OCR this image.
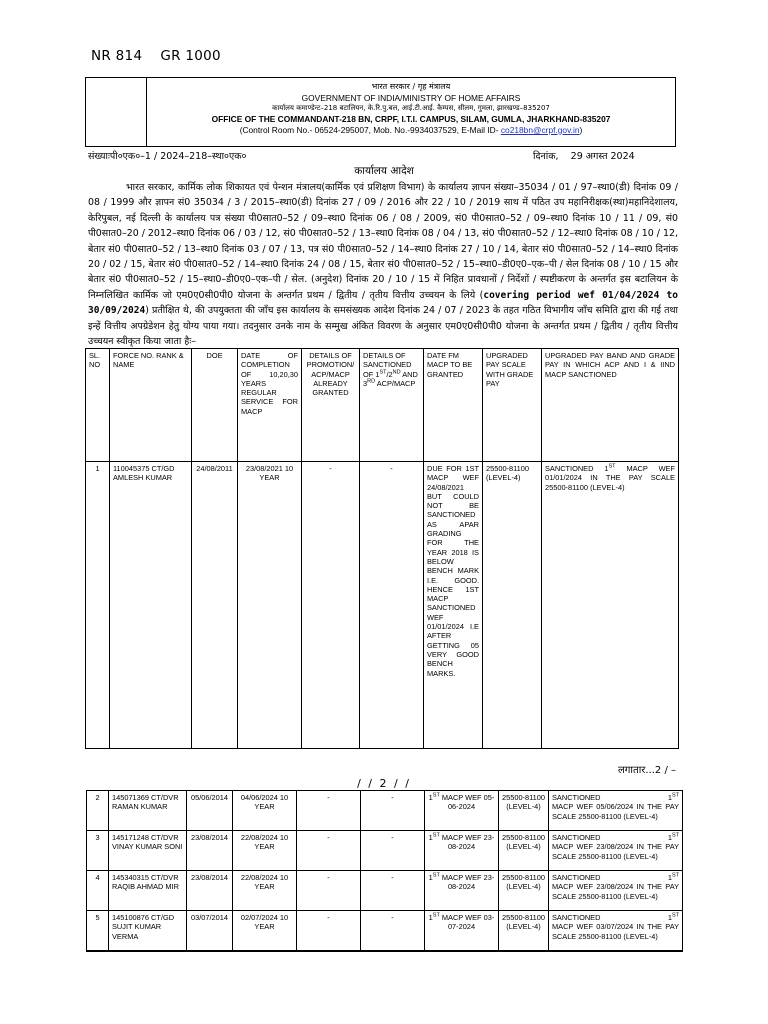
NR 814 GR 1000

भारत सरकार / गृह मंत्रालय
GOVERNMENT OF INDIA/MINISTRY OF HOME AFFAIRS
कार्यालय कमाण्डेन्ट–218 बटालियन, के.रि.पु.बल, आई.टी.आई. कैम्पस, सीलम, गुमला, झारखण्ड–835207
OFFICE OF THE COMMANDANT-218 BN, CRPF, I.T.I. CAMPUS, SILAM, GUMLA, JHARKHAND-835207
(Control Room No.- 06524-295007, Mob. No.-9934037529, E-Mail ID- co218bn@crpf.gov.in)
संख्याःपी०एक०–1 / 2024–218–स्था०एक०	दिनांक, 29 अगस्त 2024
कार्यालय आदेश
भारत सरकार, कार्मिक लोक शिकायत एवं पेन्शन मंत्रालय(कार्मिक एवं प्रशिक्षण विभाग) के कार्यालय ज्ञापन संख्या–35034 / 01 / 97–स्था0(डी) दिनांक 09 / 08 / 1999 और ज्ञापन सं0 35034 / 3 / 2015–स्था0(डी) दिनांक 27 / 09 / 2016 और 22 / 10 / 2019 साथ में पठित उप महानिरीक्षक(स्था)महानिदेशालय, केरिपुबल, नई दिल्ली के कार्यालय पत्र संख्या पी0सात0–52 / 09–स्था0 दिनांक 06 / 08 / 2009, सं0 पी0सात0–52 / 09–स्था0 दिनांक 10 / 11 / 09, सं0 पी0सात0–20 / 2012–स्था0 दिनांक 06 / 03 / 12, सं0 पी0सात0–52 / 13–स्था0 दिनांक 08 / 04 / 13, सं0 पी0सात0–52 / 12–स्था0 दिनांक 08 / 10 / 12, बेतार सं0 पी0सात0–52 / 13–स्था0 दिनांक 03 / 07 / 13, पत्र सं0 पी0सात0–52 / 14–स्था0 दिनांक 27 / 10 / 14, बेतार सं0 पी0सात0–52 / 14–स्था0 दिनांक 20 / 02 / 15, बेतार सं0 पी0सात0–52 / 14–स्था0 दिनांक 24 / 08 / 15, बेतार सं0 पी0सात0–52 / 15–स्था0–डी0ए0–एक–पी / सेल दिनांक 08 / 10 / 15 और बेतार सं0 पी0सात0–52 / 15–स्था0–डी0ए0–एक–पी / सेल. (अनुदेश) दिनांक 20 / 10 / 15 में निहित प्रावधानों / निर्देशों / स्पष्टीकरण के अन्तर्गत इस बटालियन के निम्नलिखित कार्मिक जो एम0ए0सी0पी0 योजना के अन्तर्गत प्रथम / द्वितीय / तृतीय वित्तीय उच्चयन के लिये (covering period wef 01/04/2024 to 30/09/2024) प्रतीक्षित थे, की उपयुक्तता की जाँच इस कार्यालय के समसंख्यक आदेश दिनांक 24 / 07 / 2023 के तहत गठित विभागीय जाँच समिति द्वारा की गई तथा इन्हें वित्तीय अपग्रेडेशन हेतु योग्य पाया गया। तदनुसार उनके नाम के सम्मुख अंकित विवरण के अनुसार एम0ए0सी0पी0 योजना के अन्तर्गत प्रथम / द्वितीय / तृतीय वित्तीय उच्चयन स्वीकृत किया जाता हैः–
SL. NO	FORCE NO. RANK & NAME	DOE	DATE OF COMPLETION OF 10,20,30 YEARS REGULAR SERVICE FOR MACP	DETAILS OF PROMOTION/ ACP/MACP ALREADY GRANTED	DETAILS OF SANCTIONED OF 1ST/2ND AND 3RD ACP/MACP	DATE FM MACP TO BE GRANTED	UPGRADED PAY SCALE WITH GRADE PAY	UPGRADED PAY BAND AND GRADE PAY IN WHICH ACP AND I & IIND MACP SANCTIONED
1	110045375 CT/GD AMLESH KUMAR	24/08/2011	23/08/2021 10 YEAR	-	-	DUE FOR 1ST MACP WEF 24/08/2021 BUT COULD NOT BE SANCTIONED AS APAR GRADING FOR THE YEAR 2018 IS BELOW BENCH MARK I.E. GOOD. HENCE 1ST MACP SANCTIONED WEF 01/01/2024 I.E AFTER GETTING 05 VERY GOOD BENCH MARKS.	25500-81100 (LEVEL-4)	SANCTIONED 1ST MACP WEF 01/01/2024 IN THE PAY SCALE 25500-81100 (LEVEL-4)
लगातार...2 / –
/ / 2 / /
2	145071369 CT/DVR RAMAN KUMAR	05/06/2014	04/06/2024 10 YEAR	-	-	1ST MACP WEF 05-06-2024	25500-81100 (LEVEL-4)	SANCTIONED 1ST
MACP WEF 05/06/2024 IN THE PAY SCALE 25500-81100 (LEVEL-4)
3	145171248 CT/DVR VINAY KUMAR SONI	23/08/2014	22/08/2024 10 YEAR	-	-	1ST MACP WEF 23-08-2024	25500-81100 (LEVEL-4)	SANCTIONED 1ST
MACP WEF 23/08/2024 IN THE PAY SCALE 25500-81100 (LEVEL-4)
4	145340315 CT/DVR RAQIB AHMAD MIR	23/08/2014	22/08/2024 10 YEAR	-	-	1ST MACP WEF 23-08-2024	25500-81100 (LEVEL-4)	SANCTIONED 1ST
MACP WEF 23/08/2024 IN THE PAY SCALE 25500-81100 (LEVEL-4)
5	145100876 CT/GD SUJIT KUMAR VERMA	03/07/2014	02/07/2024 10 YEAR	-	-	1ST MACP WEF 03-07-2024	25500-81100 (LEVEL-4)	SANCTIONED 1ST
MACP WEF 03/07/2024 IN THE PAY SCALE 25500-81100 (LEVEL-4)
